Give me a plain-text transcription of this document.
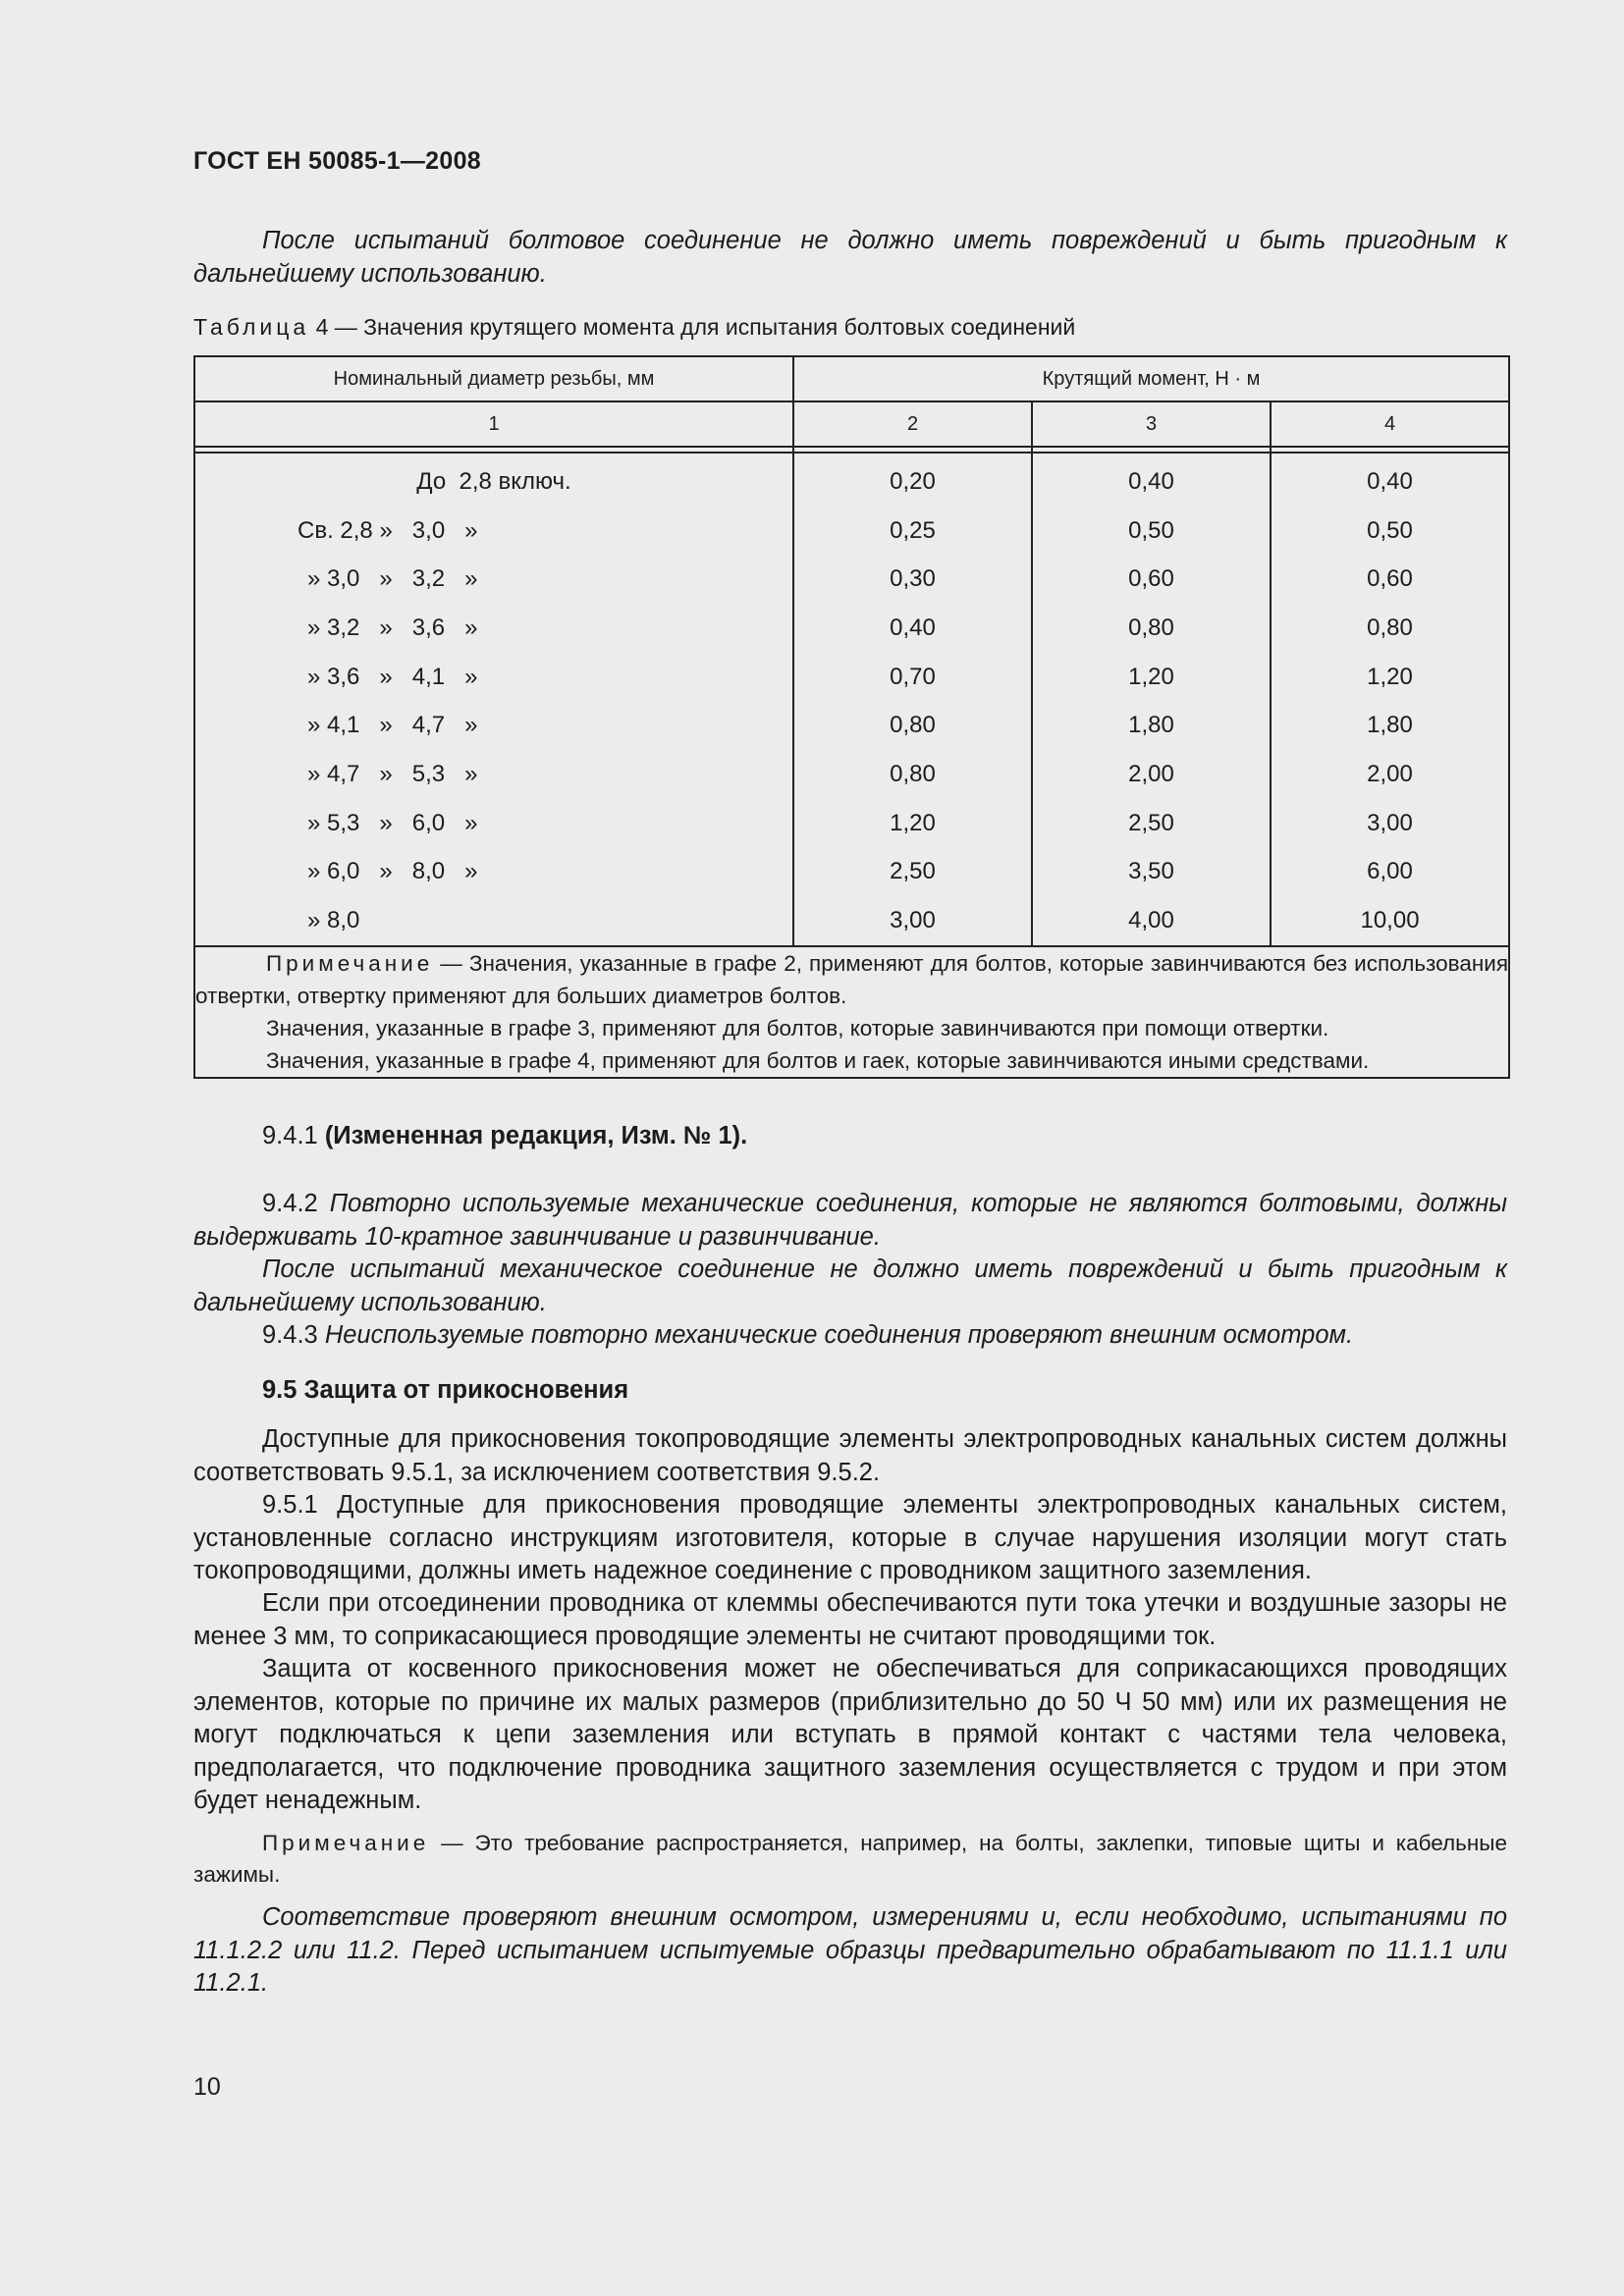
ГОСТ ЕН 50085-1—2008
После испытаний болтовое соединение не должно иметь повреждений и быть пригодным к дальнейшему использованию.
Таблица 4 — Значения крутящего момента для испытания болтовых соединений
Номинальный диаметр резьбы, мм	Крутящий момент, Н · м		
1	2	3	4

До  2,8 включ.	0,20	0,40	0,40
Св. 2,8 »   3,0   »	0,25	0,50	0,50
» 3,0   »   3,2   »	0,30	0,60	0,60
» 3,2   »   3,6   »	0,40	0,80	0,80
» 3,6   »   4,1   »	0,70	1,20	1,20
» 4,1   »   4,7   »	0,80	1,80	1,80
» 4,7   »   5,3   »	0,80	2,00	2,00
» 5,3   »   6,0   »	1,20	2,50	3,00
» 6,0   »   8,0   »	2,50	3,50	6,00
» 8,0	3,00	4,00	10,00

Примечание — Значения, указанные в графе 2, применяют для болтов, которые завинчиваются без использования отвертки, отвертку применяют для больших диаметров болтов.

Значения, указанные в графе 3, применяют для болтов, которые завинчиваются при помощи отвертки.

Значения, указанные в графе 4, применяют для болтов и гаек, которые завинчиваются иными средствами.			

9.4.1 (Измененная редакция, Изм. № 1).
9.4.2 Повторно используемые механические соединения, которые не являются болтовыми, должны выдерживать 10-кратное завинчивание и развинчивание.
После испытаний механическое соединение не должно иметь повреждений и быть пригодным к дальнейшему использованию.
9.4.3 Неиспользуемые повторно механические соединения проверяют внешним осмотром.
9.5 Защита от прикосновения
Доступные для прикосновения токопроводящие элементы электропроводных канальных систем должны соответствовать 9.5.1, за исключением соответствия 9.5.2.
9.5.1 Доступные для прикосновения проводящие элементы электропроводных канальных систем, установленные согласно инструкциям изготовителя, которые в случае нарушения изоляции могут стать токопроводящими, должны иметь надежное соединение с проводником защитного заземления.
Если при отсоединении проводника от клеммы обеспечиваются пути тока утечки и воздушные зазоры не менее 3 мм, то соприкасающиеся проводящие элементы не считают проводящими ток.
Защита от косвенного прикосновения может не обеспечиваться для соприкасающихся проводящих элементов, которые по причине их малых размеров (приблизительно до 50 Ч 50 мм) или их размещения не могут подключаться к цепи заземления или вступать в прямой контакт с частями тела человека, предполагается, что подключение проводника защитного заземления осуществляется с трудом и при этом будет ненадежным.
Примечание — Это требование распространяется, например, на болты, заклепки, типовые щиты и кабельные зажимы.
Соответствие проверяют внешним осмотром, измерениями и, если необходимо, испытаниями по 11.1.2.2 или 11.2. Перед испытанием испытуемые образцы предварительно обрабатывают по 11.1.1 или 11.2.1.
10
